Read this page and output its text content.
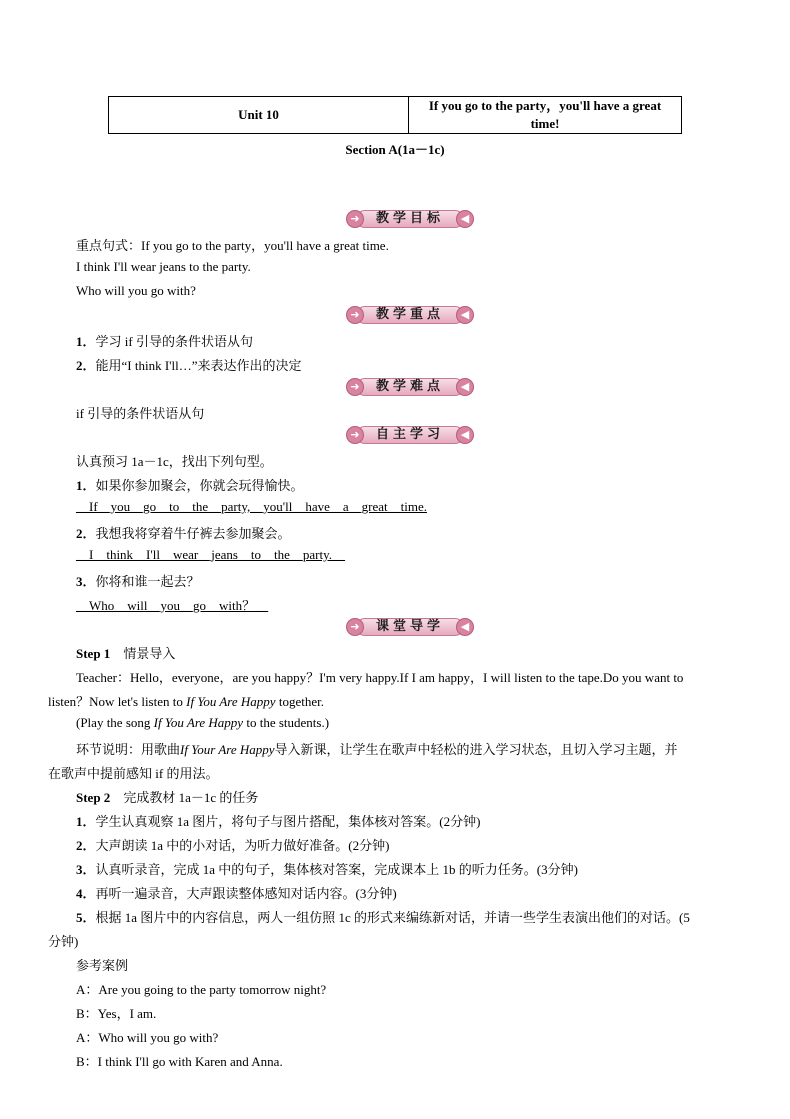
Unit 10	If you go to the party，you'll have a great
time!
Section A(1a－1c)
➜	◀
教学目标
重点句式：If you go to the party，you'll have a great time.
I think I'll wear jeans to the party.
Who will you go with?
➜	◀
教学重点
1．学习 if 引导的条件状语从句
2．能用“I think I'll…”来表达作出的决定
➜	◀
教学难点
if 引导的条件状语从句
➜	◀
自主学习
认真预习 1a－1c，找出下列句型。
1．如果你参加聚会，你就会玩得愉快。
__If__you__go__to__the__party,__you'll__have__a__great__time.
2．我想我将穿着牛仔裤去参加聚会。
__I__think__I'll__wear__jeans__to__the__party.__
3．你将和谁一起去？
__Who__will__you__go__with？__
➜	◀
课堂导学
Step 1 情景导入
Teacher：Hello，everyone，are you happy？I'm very happy.If I am happy，I will listen to the tape.Do you want to
listen？Now let's listen to If You Are Happy together.
(Play the song If You Are Happy to the students.)
环节说明：用歌曲If Your Are Happy导入新课，让学生在歌声中轻松的进入学习状态，且切入学习主题，并
在歌声中提前感知 if 的用法。
Step 2 完成教材 1a－1c 的任务
1．学生认真观察 1a 图片，将句子与图片搭配，集体核对答案。(2分钟)
2．大声朗读 1a 中的小对话，为听力做好准备。(2分钟)
3．认真听录音，完成 1a 中的句子，集体核对答案，完成课本上 1b 的听力任务。(3分钟)
4．再听一遍录音，大声跟读整体感知对话内容。(3分钟)
5．根据 1a 图片中的内容信息，两人一组仿照 1c 的形式来编练新对话，并请一些学生表演出他们的对话。(5
分钟)
参考案例
A：Are you going to the party tomorrow night?
B：Yes，I am.
A：Who will you go with?
B：I think I'll go with Karen and Anna.
